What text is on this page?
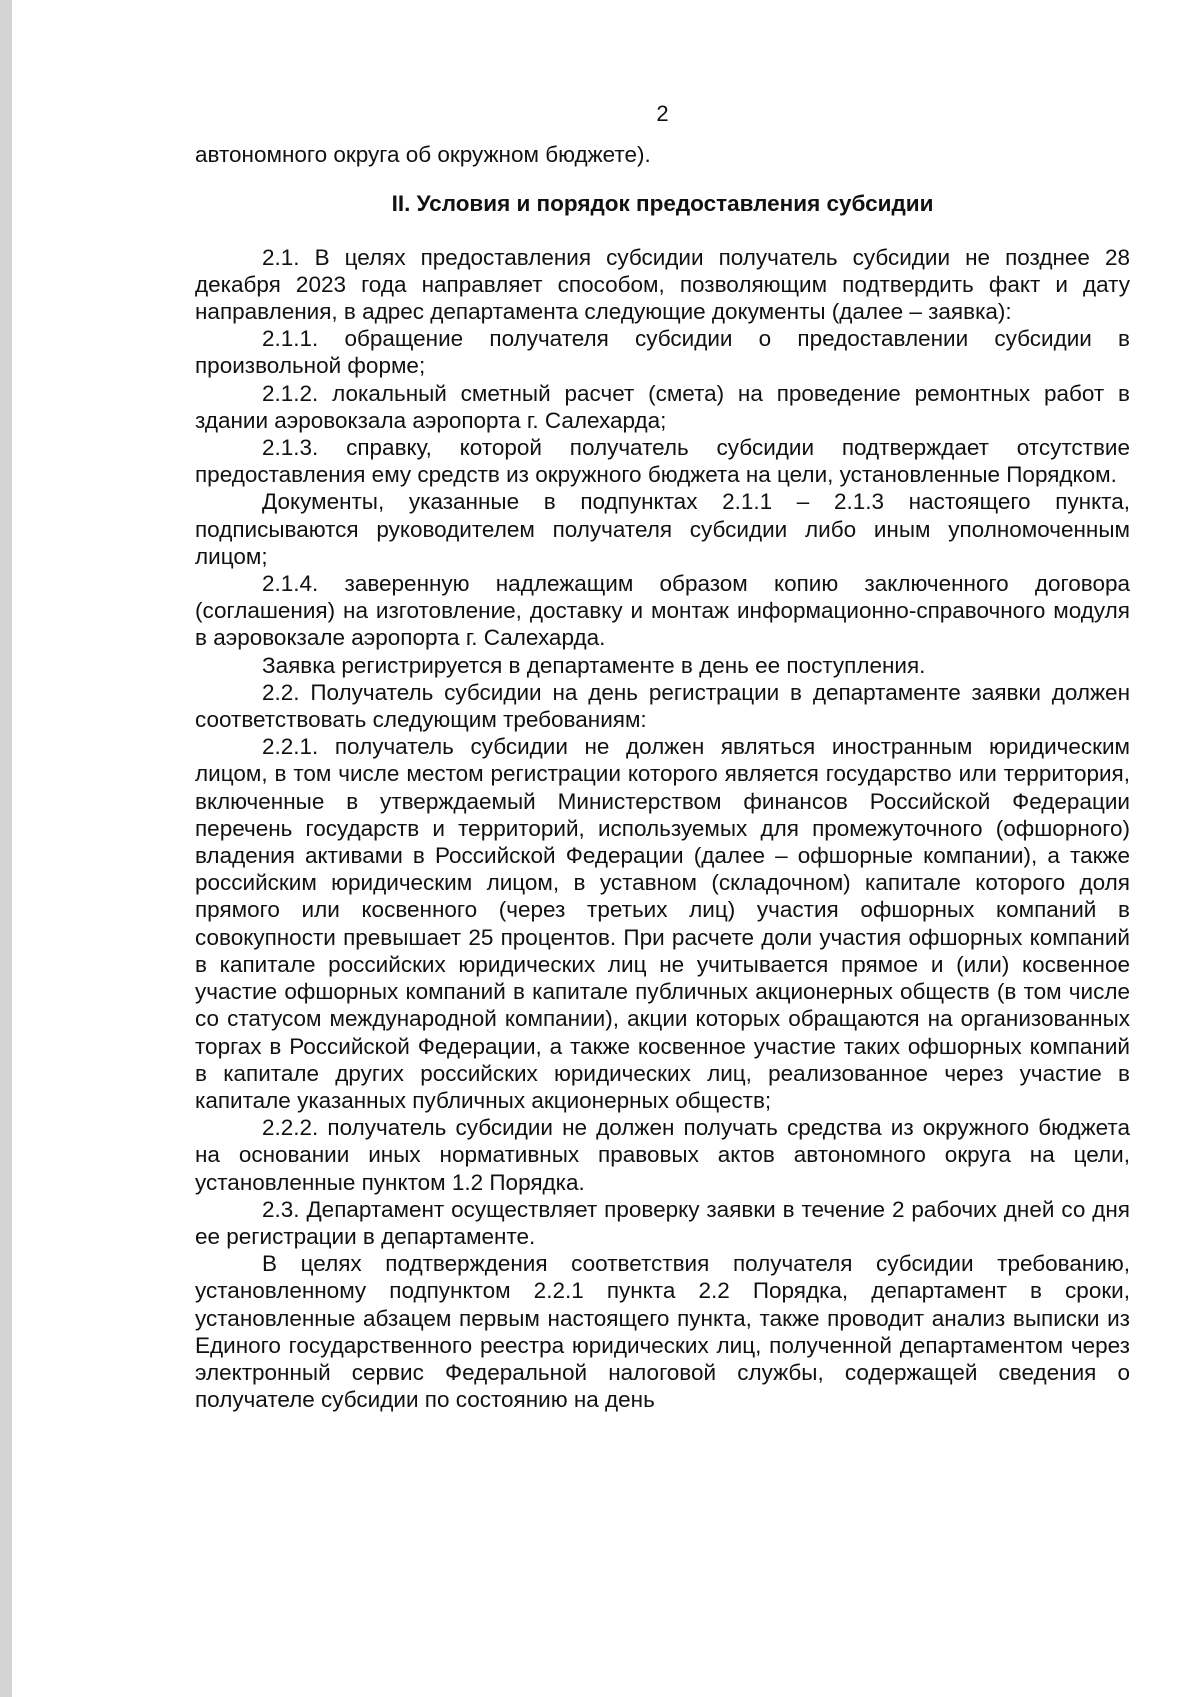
2

автономного округа об окружном бюджете).

II. Условия и порядок предоставления субсидии

2.1. В целях предоставления субсидии получатель субсидии не позднее 28 декабря 2023 года направляет способом, позволяющим подтвердить факт и дату направления, в адрес департамента следующие документы (далее – заявка):

2.1.1. обращение получателя субсидии о предоставлении субсидии в произвольной форме;

2.1.2. локальный сметный расчет (смета) на проведение ремонтных работ в здании аэровокзала аэропорта г. Салехарда;

2.1.3. справку, которой получатель субсидии подтверждает отсутствие предоставления ему средств из окружного бюджета на цели, установленные Порядком.

Документы, указанные в подпунктах 2.1.1 – 2.1.3 настоящего пункта, подписываются руководителем получателя субсидии либо иным уполномоченным лицом;

2.1.4. заверенную надлежащим образом копию заключенного договора (соглашения) на изготовление, доставку и монтаж информационно-справочного модуля в аэровокзале аэропорта г. Салехарда.

Заявка регистрируется в департаменте в день ее поступления.

2.2. Получатель субсидии на день регистрации в департаменте заявки должен соответствовать следующим требованиям:

2.2.1. получатель субсидии не должен являться иностранным юридическим лицом, в том числе местом регистрации которого является государство или территория, включенные в утверждаемый Министерством финансов Российской Федерации перечень государств и территорий, используемых для промежуточного (офшорного) владения активами в Российской Федерации (далее – офшорные компании), а также российским юридическим лицом, в уставном (складочном) капитале которого доля прямого или косвенного (через третьих лиц) участия офшорных компаний в совокупности превышает 25 процентов. При расчете доли участия офшорных компаний в капитале российских юридических лиц не учитывается прямое и (или) косвенное участие офшорных компаний в капитале публичных акционерных обществ (в том числе со статусом международной компании), акции которых обращаются на организованных торгах в Российской Федерации, а также косвенное участие таких офшорных компаний в капитале других российских юридических лиц, реализованное через участие в капитале указанных публичных акционерных обществ;

2.2.2. получатель субсидии не должен получать средства из окружного бюджета на основании иных нормативных правовых актов автономного округа на цели, установленные пунктом 1.2 Порядка.

2.3. Департамент осуществляет проверку заявки в течение 2 рабочих дней со дня ее регистрации в департаменте.

В целях подтверждения соответствия получателя субсидии требованию, установленному подпунктом 2.2.1 пункта 2.2 Порядка, департамент в сроки, установленные абзацем первым настоящего пункта, также проводит анализ выписки из Единого государственного реестра юридических лиц, полученной департаментом через электронный сервис Федеральной налоговой службы, содержащей сведения о получателе субсидии по состоянию на день
